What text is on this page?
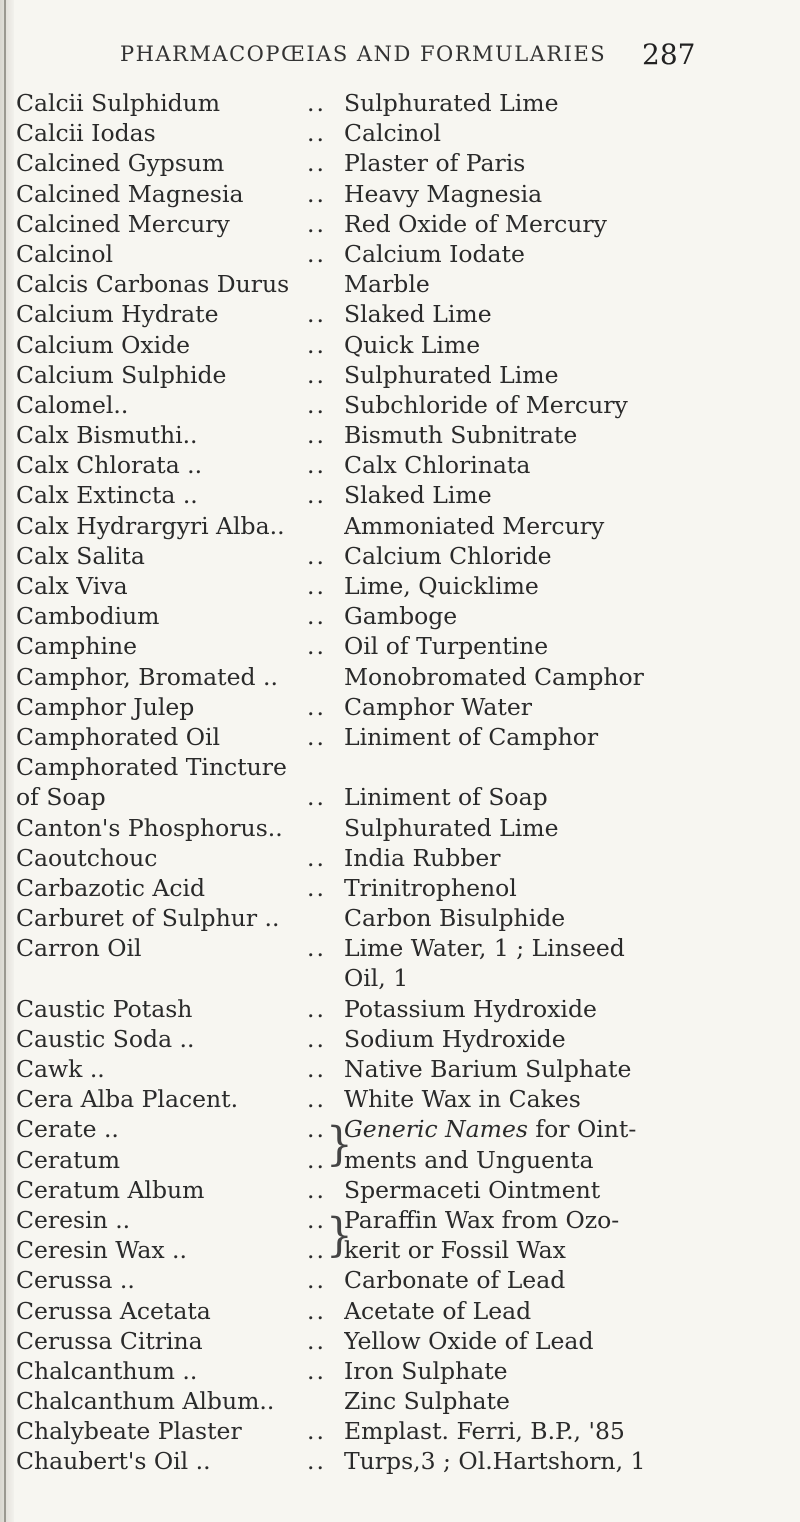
PHARMACOPŒIAS AND FORMULARIES 287
Calcii Sulphidum	.. Sulphurated Lime
Calcii Iodas	.. Calcinol
Calcined Gypsum	.. Plaster of Paris
Calcined Magnesia	.. Heavy Magnesia
Calcined Mercury	.. Red Oxide of Mercury
Calcinol	.. Calcium Iodate
Calcis Carbonas Durus	Marble
Calcium Hydrate	.. Slaked Lime
Calcium Oxide	.. Quick Lime
Calcium Sulphide	.. Sulphurated Lime
Calomel..	.. Subchloride of Mercury
Calx Bismuthi..	.. Bismuth Subnitrate
Calx Chlorata ..	.. Calx Chlorinata
Calx Extincta ..	.. Slaked Lime
Calx Hydrargyri Alba..	Ammoniated Mercury
Calx Salita	.. Calcium Chloride
Calx Viva	.. Lime, Quicklime
Cambodium	.. Gamboge
Camphine	.. Oil of Turpentine
Camphor, Bromated ..	Monobromated Camphor
Camphor Julep	.. Camphor Water
Camphorated Oil	.. Liniment of Camphor
Camphorated Tincture
of Soap	.. Liniment of Soap
Canton's Phosphorus..	Sulphurated Lime
Caoutchouc	.. India Rubber
Carbazotic Acid	.. Trinitrophenol
Carburet of Sulphur ..	Carbon Bisulphide
Carron Oil	.. Lime Water, 1 ; Linseed
Oil, 1
Caustic Potash	.. Potassium Hydroxide
Caustic Soda ..	.. Sodium Hydroxide
Cawk ..	.. Native Barium Sulphate
Cera Alba Placent.	.. White Wax in Cakes
Cerate ..	.. Generic Names for Oint-
}
Ceratum	.. ments and Unguenta
Ceratum Album	.. Spermaceti Ointment
Ceresin ..	.. Paraffin Wax from Ozo-
}
Ceresin Wax ..	.. kerit or Fossil Wax
Cerussa ..	.. Carbonate of Lead
Cerussa Acetata	.. Acetate of Lead
Cerussa Citrina	.. Yellow Oxide of Lead
Chalcanthum ..	.. Iron Sulphate
Chalcanthum Album..	Zinc Sulphate
Chalybeate Plaster	.. Emplast. Ferri, B.P., '85
Chaubert's Oil ..	.. Turps,3 ; Ol.Hartshorn, 1
